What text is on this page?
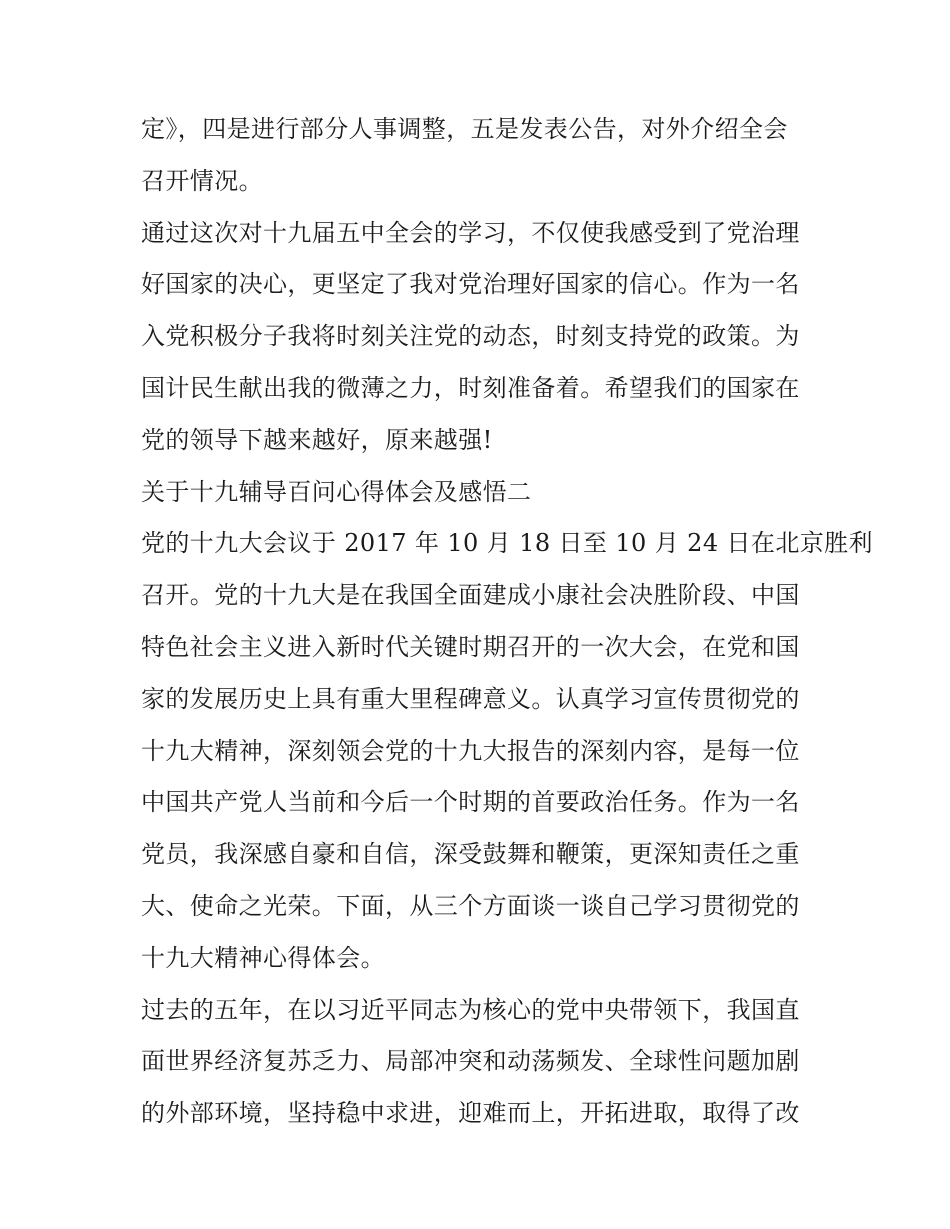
定》，四是进行部分人事调整，五是发表公告，对外介绍全会
召开情况。
通过这次对十九届五中全会的学习，不仅使我感受到了党治理
好国家的决心，更坚定了我对党治理好国家的信心。作为一名
入党积极分子我将时刻关注党的动态，时刻支持党的政策。为
国计民生献出我的微薄之力，时刻准备着。希望我们的国家在
党的领导下越来越好，原来越强!
关于十九辅导百问心得体会及感悟二
党的十九大会议于 2017 年 10 月 18 日至 10 月 24 日在北京胜利
召开。党的十九大是在我国全面建成小康社会决胜阶段、中国
特色社会主义进入新时代关键时期召开的一次大会，在党和国
家的发展历史上具有重大里程碑意义。认真学习宣传贯彻党的
十九大精神，深刻领会党的十九大报告的深刻内容，是每一位
中国共产党人当前和今后一个时期的首要政治任务。作为一名
党员，我深感自豪和自信，深受鼓舞和鞭策，更深知责任之重
大、使命之光荣。下面，从三个方面谈一谈自己学习贯彻党的
十九大精神心得体会。
过去的五年，在以习近平同志为核心的党中央带领下，我国直
面世界经济复苏乏力、局部冲突和动荡频发、全球性问题加剧
的外部环境，坚持稳中求进，迎难而上，开拓进取，取得了改
